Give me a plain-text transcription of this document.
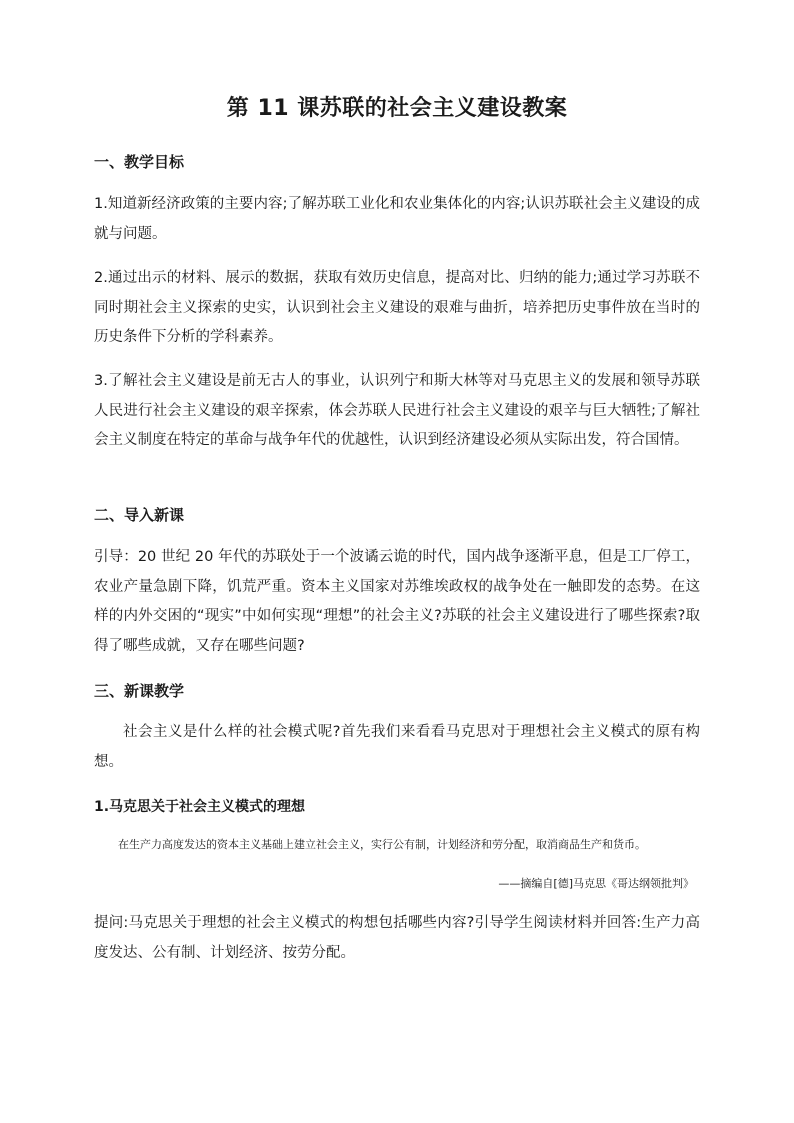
第 11 课苏联的社会主义建设教案
一、教学目标
1.知道新经济政策的主要内容;了解苏联工业化和农业集体化的内容;认识苏联社会主义建设的成就与问题。
2.通过出示的材料、展示的数据，获取有效历史信息，提高对比、归纳的能力;通过学习苏联不同时期社会主义探索的史实，认识到社会主义建设的艰难与曲折，培养把历史事件放在当时的历史条件下分析的学科素养。
3.了解社会主义建设是前无古人的事业，认识列宁和斯大林等对马克思主义的发展和领导苏联人民进行社会主义建设的艰辛探索，体会苏联人民进行社会主义建设的艰辛与巨大牺牲;了解社会主义制度在特定的革命与战争年代的优越性，认识到经济建设必须从实际出发，符合国情。
二、导入新课
引导：20 世纪 20 年代的苏联处于一个波谲云诡的时代，国内战争逐渐平息，但是工厂停工，农业产量急剧下降，饥荒严重。资本主义国家对苏维埃政权的战争处在一触即发的态势。在这样的内外交困的“现实”中如何实现“理想”的社会主义?苏联的社会主义建设进行了哪些探索?取得了哪些成就，又存在哪些问题?
三、新课教学
社会主义是什么样的社会模式呢?首先我们来看看马克思对于理想社会主义模式的原有构想。
1.马克思关于社会主义模式的理想
在生产力高度发达的资本主义基础上建立社会主义，实行公有制，计划经济和劳分配，取消商品生产和货币。
——摘编自[德]马克思《哥达纲领批判》
提问:马克思关于理想的社会主义模式的构想包括哪些内容?引导学生阅读材料并回答:生产力高度发达、公有制、计划经济、按劳分配。
